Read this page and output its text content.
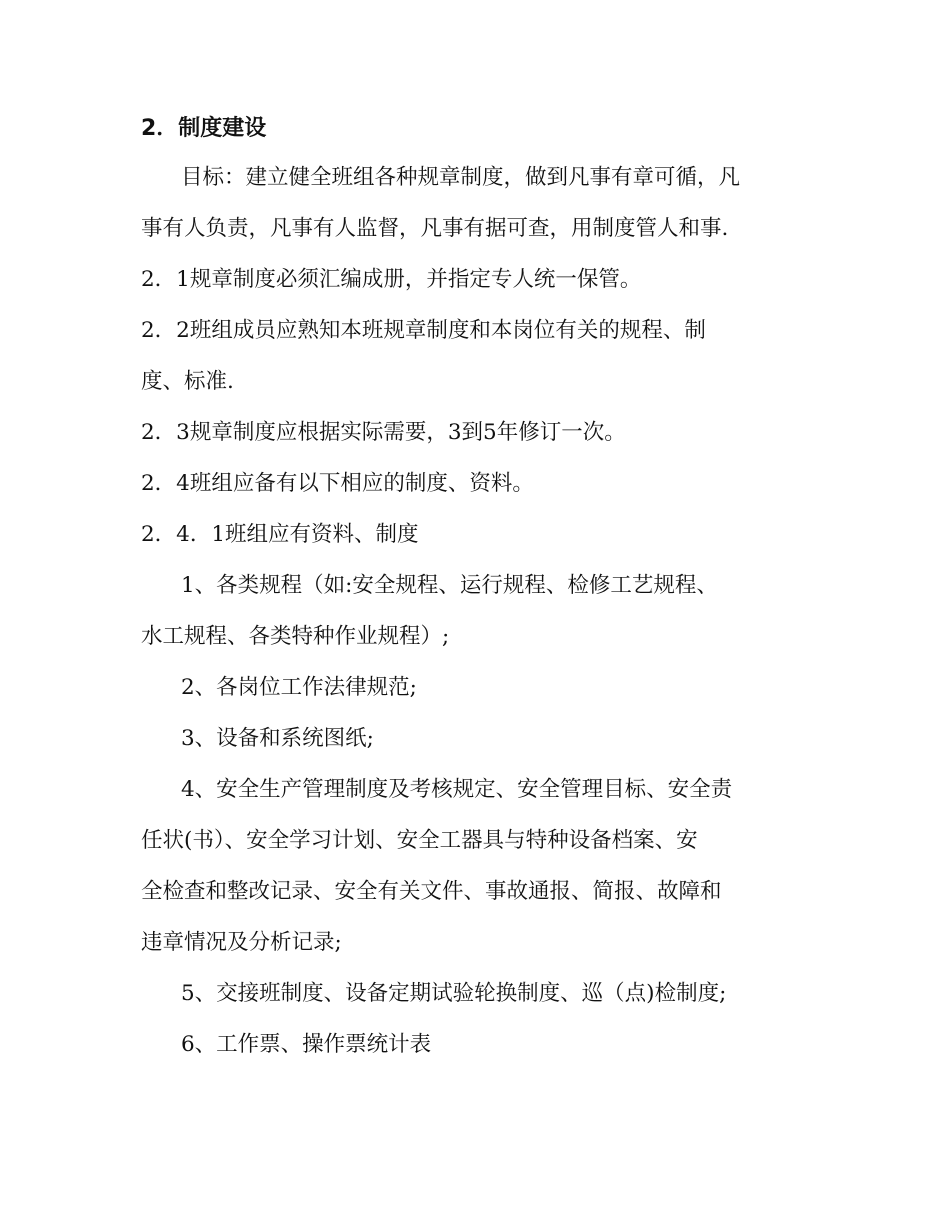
2．制度建设

目标：建立健全班组各种规章制度，做到凡事有章可循，凡
事有人负责，凡事有人监督，凡事有据可查，用制度管人和事.

2．1规章制度必须汇编成册，并指定专人统一保管。

2．2班组成员应熟知本班规章制度和本岗位有关的规程、制
度、标准.

2．3规章制度应根据实际需要，3到5年修订一次。

2．4班组应备有以下相应的制度、资料。

2．4．1班组应有资料、制度

1、各类规程（如:安全规程、运行规程、检修工艺规程、
水工规程、各类特种作业规程）;

2、各岗位工作法律规范;

3、设备和系统图纸;

4、安全生产管理制度及考核规定、安全管理目标、安全责
任状(书）、安全学习计划、安全工器具与特种设备档案、安
全检查和整改记录、安全有关文件、事故通报、简报、故障和
违章情况及分析记录;

5、交接班制度、设备定期试验轮换制度、巡（点)检制度;

6、工作票、操作票统计表
